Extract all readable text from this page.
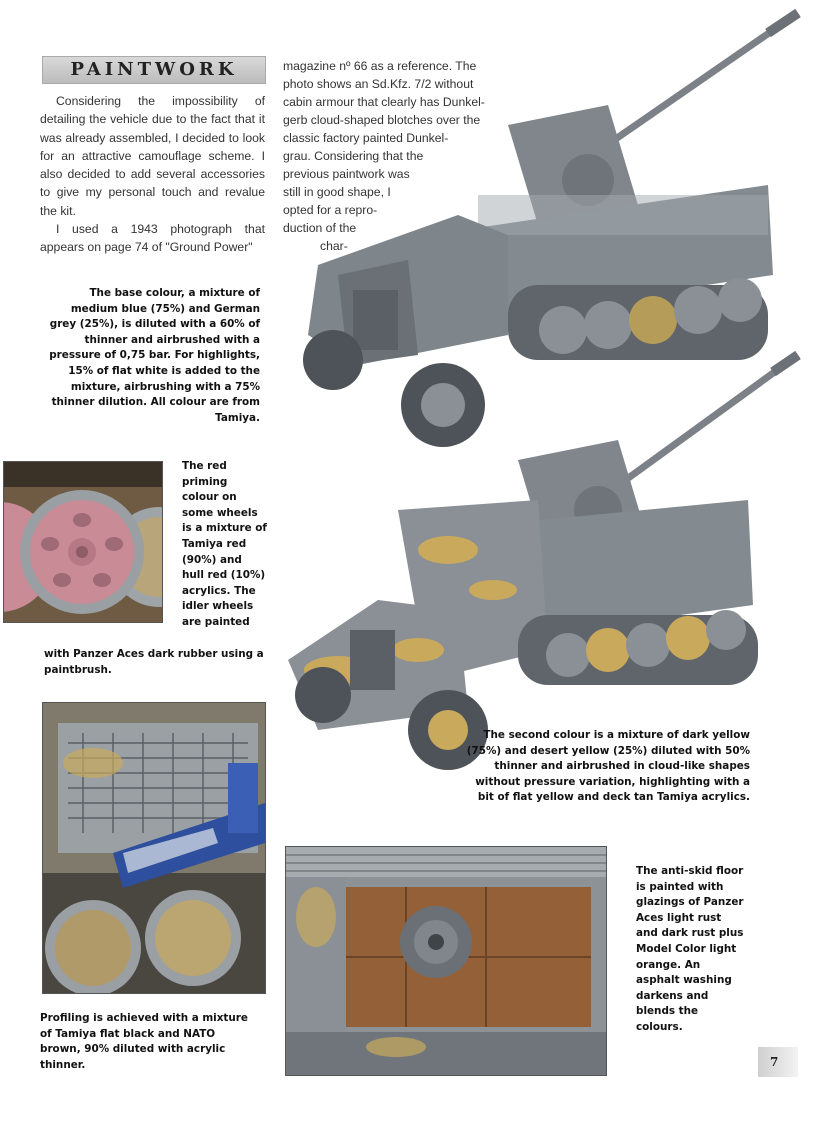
PAINTWORK

Considering the impossibility of detailing the vehicle due to the fact that it was already assembled, I decided to look for an attractive camouflage scheme. I also decided to add several accessories to give my personal touch and revalue the kit.

I used a 1943 photograph that appears on page 74 of "Ground Power"

magazine nº 66 as a reference. The
photo shows an Sd.Kfz. 7/2 without
cabin armour that clearly has Dunkel-
gerb cloud-shaped blotches over the
classic factory painted Dunkel-
grau. Considering that the
previous paintwork was
still in good shape, I
opted for a repro-
duction of the
char-
The base colour, a mixture of medium blue (75%) and German grey (25%), is diluted with a 60% of thinner and airbrushed with a pressure of 0,75 bar. For highlights, 15% of flat white is added to the mixture, airbrushing with a 75% thinner dilution. All colour are from Tamiya.
The red priming colour on some wheels is a mixture of Tamiya red (90%) and hull red (10%) acrylics. The idler wheels are painted
with Panzer Aces dark rubber using a paintbrush.
The second colour is a mixture of dark yellow (75%) and desert yellow (25%) diluted with 50% thinner and airbrushed in cloud-like shapes without pressure variation, highlighting with a bit of flat yellow and deck tan Tamiya acrylics.
Profiling is achieved with a mixture of Tamiya flat black and NATO brown, 90% diluted with acrylic thinner.
The anti-skid floor is painted with glazings of Panzer Aces light rust and dark rust plus Model Color light orange. An asphalt washing darkens and blends the colours.
7
